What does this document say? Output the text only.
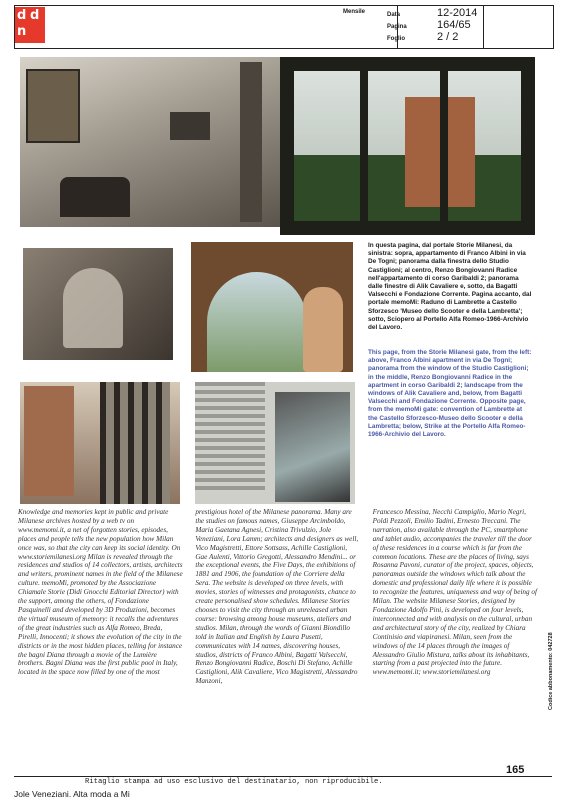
d d
n
Mensile	Data	12-2014
Pagina	164/65
Foglio	2 / 2
In questa pagina, dal portale Storie Milanesi, da sinistra: sopra, appartamento di Franco Albini in via De Togni; panorama dalla finestra dello Studio Castiglioni; al centro, Renzo Bongiovanni Radice nell'appartamento di corso Garibaldi 2; panorama dalle finestre di Alik Cavaliere e, sotto, da Bagatti Valsecchi e Fondazione Corrente. Pagina accanto, dal portale memoMi: Raduno di Lambrette a Castello Sforzesco 'Museo dello Scooter e della Lambretta'; sotto, Sciopero al Portello Alfa Romeo-1966-Archivio del Lavoro.
This page, from the Storie Milanesi gate, from the left: above, Franco Albini apartment in via De Togni; panorama from the window of the Studio Castiglioni; in the middle, Renzo Bongiovanni Radice in the apartment in corso Garibaldi 2; landscape from the windows of Alik Cavaliere and, below, from Bagatti Valsecchi and Fondazione Corrente. Opposite page, from the memoMi gate: convention of Lambrette at the Castello Sforzesco-Museo dello Scooter e della Lambretta; below, Strike at the Portello Alfa Romeo-1966-Archivio del Lavoro.
Knowledge and memories kept in public and private Milanese archives hosted by a web tv on www.memomi.it, a net of forgotten stories, episodes, places and people tells the new population how Milan once was, so that the city can keep its social identity. On www.storiemilanesi.org Milan is revealed through the residences and studios of 14 collectors, artists, architects and writers, prominent names in the field of the Milanese culture. memoMi, promoted by the Associazione Chiamale Storie (Didi Gnocchi Editorial Director) with the support, among the others, of Fondazione Pasquinelli and developed by 3D Produzioni, becomes the virtual museum of memory: it recalls the adventures of the great industries such as Alfa Romeo, Breda, Pirelli, Innocenti; it shows the evolution of the city in the districts or in the most hidden places, telling for instance the bagni Diana through a movie of the Lumière brothers. Bagni Diana was the first public pool in Italy, located in the space now filled by one of the most
prestigious hotel of the Milanese panorama. Many are the studies on famous names, Giuseppe Arcimboldo, Maria Gaetana Agnesi, Cristina Trivulzio, Jole Veneziani, Lora Lamm; architects and designers as well, Vico Magistretti, Ettore Sottsass, Achille Castiglioni, Gae Aulenti, Vittorio Gregotti, Alessandro Mendini... or the exceptional events, the Five Days, the exhibitions of 1881 and 1906, the foundation of the Corriere della Sera. The website is developed on three levels, with movies, stories of witnesses and protagonists, chance to create personalised show schedules. Milanese Stories chooses to visit the city through an unreleased urban course: browsing among house museums, ateliers and studios. Milan, through the words of Gianni Biondillo told in Italian and English by Laura Pusetti, communicates with 14 names, discovering houses, studios, districts of Franco Albini, Bagatti Valsecchi, Renzo Bongiovanni Radice, Boschi Di Stefano, Achille Castiglioni, Alik Cavaliere, Vico Magistretti, Alessandro Manzoni,
Francesco Messina, Necchi Campiglio, Mario Negri, Poldi Pezzoli, Emilio Tadini, Ernesto Treccani. The narration, also available through the PC, smartphone and tablet audio, accompanies the traveler till the door of these residences in a course which is far from the common locations. These are the places of living, says Rosanna Pavoni, curator of the project, spaces, objects, panoramas outside the windows which talk about the domestic and professional daily life where it is possible to recognize the features, uniqueness and way of being of Milan. The website Milanese Stories, designed by Fondazione Adolfo Pini, is developed on four levels, interconnected and with analysis on the cultural, urban and architectural story of the city, realized by Chiara Continisio and viapiranesi. Milan, seen from the windows of the 14 places through the images of Alessandro Giulio Mistura, talks about its inhabitants, starting from a past projected into the future. www.memomi.it; www.storiemilanesi.org
165
Codice abbonamento: 042728
Ritaglio stampa ad uso esclusivo del destinatario, non riproducibile.
Jole Veneziani. Alta moda a Mi
